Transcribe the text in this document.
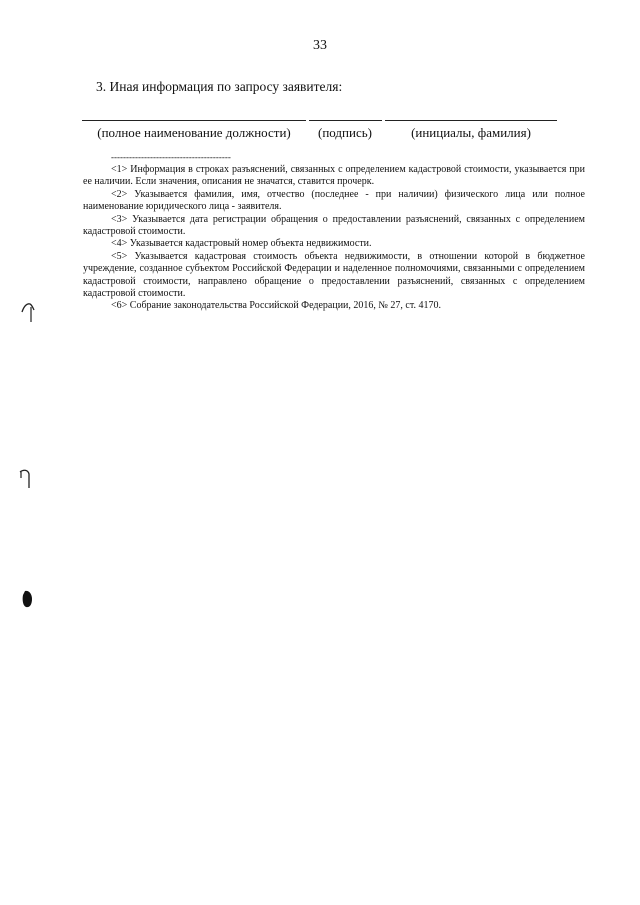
33
3. Иная информация по запросу заявителя:
(полное наименование должности)	(подпись)	(инициалы, фамилия)
----------------------------------------

<1> Информация в строках разъяснений, связанных с определением кадастровой стоимости, указывается при ее наличии. Если значения, описания не значатся, ставится прочерк.

<2> Указывается фамилия, имя, отчество (последнее - при наличии) физического лица или полное наименование юридического лица - заявителя.

<3> Указывается дата регистрации обращения о предоставлении разъяснений, связанных с определением кадастровой стоимости.

<4> Указывается кадастровый номер объекта недвижимости.

<5> Указывается кадастровая стоимость объекта недвижимости, в отношении которой в бюджетное учреждение, созданное субъектом Российской Федерации и наделенное полномочиями, связанными с определением кадастровой стоимости, направлено обращение о предоставлении разъяснений, связанных с определением кадастровой стоимости.

<6> Собрание законодательства Российской Федерации, 2016, № 27, ст. 4170.
